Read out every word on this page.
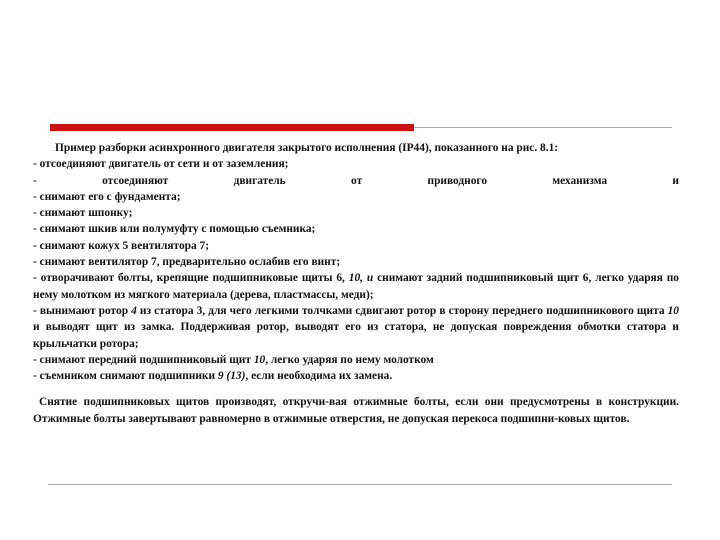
Пример разборки асинхронного двигателя закрытого исполнения (IP44), показанного на рис. 8.1:

- отсоединяют двигатель от сети и от заземления;

- отсоединяют двигатель от приводного механизма и

- снимают его с фундамента;

- снимают шпонку;

- снимают шкив или полумуфту с помощью съемника;

- снимают кожух 5 вентилятора 7;

- снимают вентилятор 7, предварительно ослабив его винт;

- отворачивают болты, крепящие подшипниковые щиты 6, 10, и снимают задний подшипниковый щит 6, легко ударяя по нему молотком из мягкого материала (дерева, пластмассы, меди);

- вынимают ротор 4 из статора 3, для чего легкими толчками сдвигают ротор в сторону переднего подшипникового щита 10 и выводят щит из замка. Поддерживая ротор, выводят его из статора, не допуская повреждения обмотки статора и крыльчатки ротора;

- снимают передний подшипниковый щит 10, легко ударяя по нему молотком

- съемником снимают подшипники 9 (13), если необходима их замена.

Снятие подшипниковых щитов производят, откручи-вая отжимные болты, если они предусмотрены в конструкции. Отжимные болты завертывают равномерно в отжимные отверстия, не допуская перекоса подшипни-ковых щитов.
